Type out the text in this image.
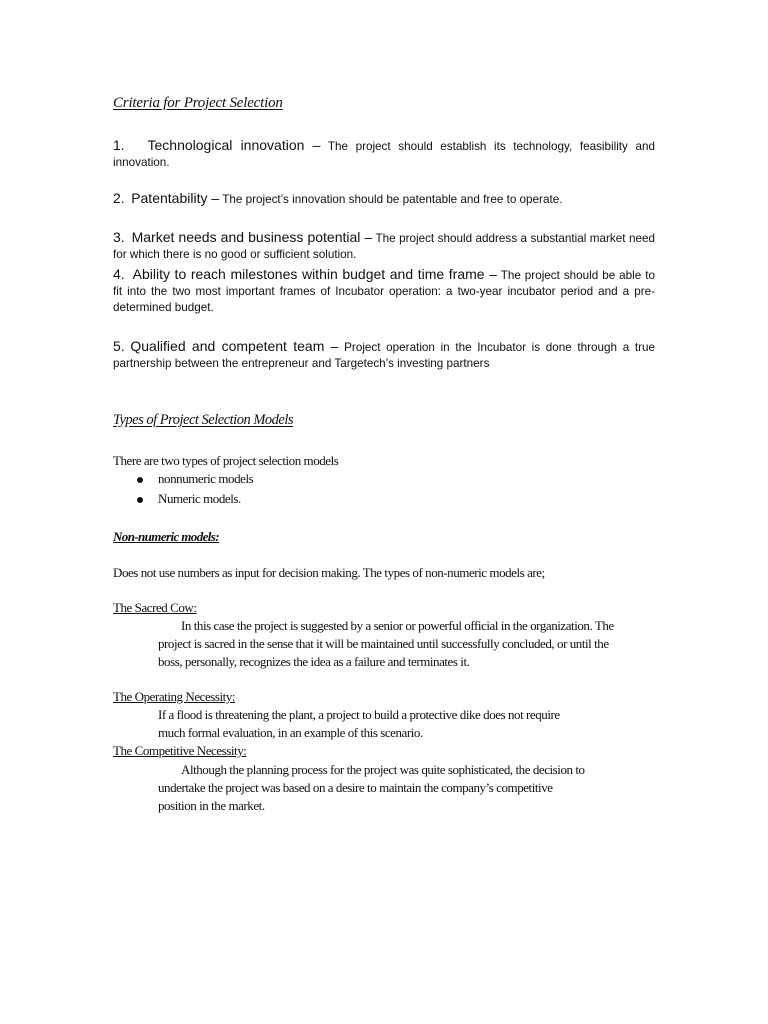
Criteria for Project Selection
1. Technological innovation – The project should establish its technology, feasibility and innovation.
2. Patentability – The project’s innovation should be patentable and free to operate.
3. Market needs and business potential – The project should address a substantial market need for which there is no good or sufficient solution.
4. Ability to reach milestones within budget and time frame – The project should be able to fit into the two most important frames of Incubator operation: a two-year incubator period and a pre-determined budget.
5. Qualified and competent team – Project operation in the Incubator is done through a true partnership between the entrepreneur and Targetech’s investing partners
Types of Project Selection Models
There are two types of project selection models
nonnumeric models
Numeric models.
Non-numeric models:
Does not use numbers as input for decision making. The types of non-numeric models are;
The Sacred Cow:
In this case the project is suggested by a senior or powerful official in the organization. The
project is sacred in the sense that it will be maintained until successfully concluded, or until the
boss, personally, recognizes the idea as a failure and terminates it.
The Operating Necessity:
If a flood is threatening the plant, a project to build a protective dike does not require
much formal evaluation, in an example of this scenario.
The Competitive Necessity:
Although the planning process for the project was quite sophisticated, the decision to
undertake the project was based on a desire to maintain the company’s competitive
position in the market.
